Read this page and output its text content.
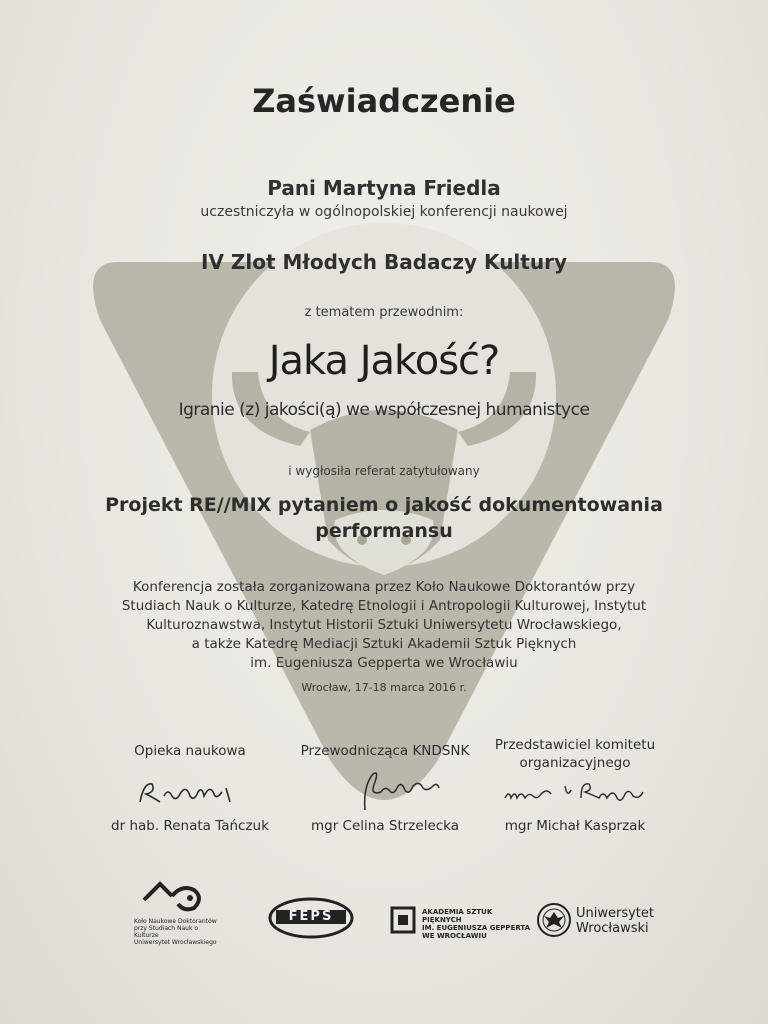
Zaświadczenie
Pani Martyna Friedla
uczestniczyła w ogólnopolskiej konferencji naukowej
IV Zlot Młodych Badaczy Kultury
z tematem przewodnim:
Jaka Jakość?
Igranie (z) jakości(ą) we współczesnej humanistyce
i wygłosiła referat zatytułowany
Projekt RE//MIX pytaniem o jakość dokumentowania
performansu
Konferencja została zorganizowana przez Koło Naukowe Doktorantów przy
Studiach Nauk o Kulturze, Katedrę Etnologii i Antropologii Kulturowej, Instytut
Kulturoznawstwa, Instytut Historii Sztuki Uniwersytetu Wrocławskiego,
a także Katedrę Mediacji Sztuki Akademii Sztuk Pięknych
im. Eugeniusza Gepperta we Wrocławiu
Wrocław, 17-18 marca 2016 r.
Opieka naukowa
dr hab. Renata Tańczuk
Przewodnicząca KNDSNK
mgr Celina Strzelecka
Przedstawiciel komitetu
organizacyjnego
mgr Michał Kasprzak
Koło Naukowe Doktorantów
przy Studiach Nauk o Kulturze
Uniwersytet Wrocławskiego
FEPS	AKADEMIA SZTUK PIĘKNYCH
IM. EUGENIUSZA GEPPERTA
WE WROCŁAWIU
Uniwersytet
Wrocławski
